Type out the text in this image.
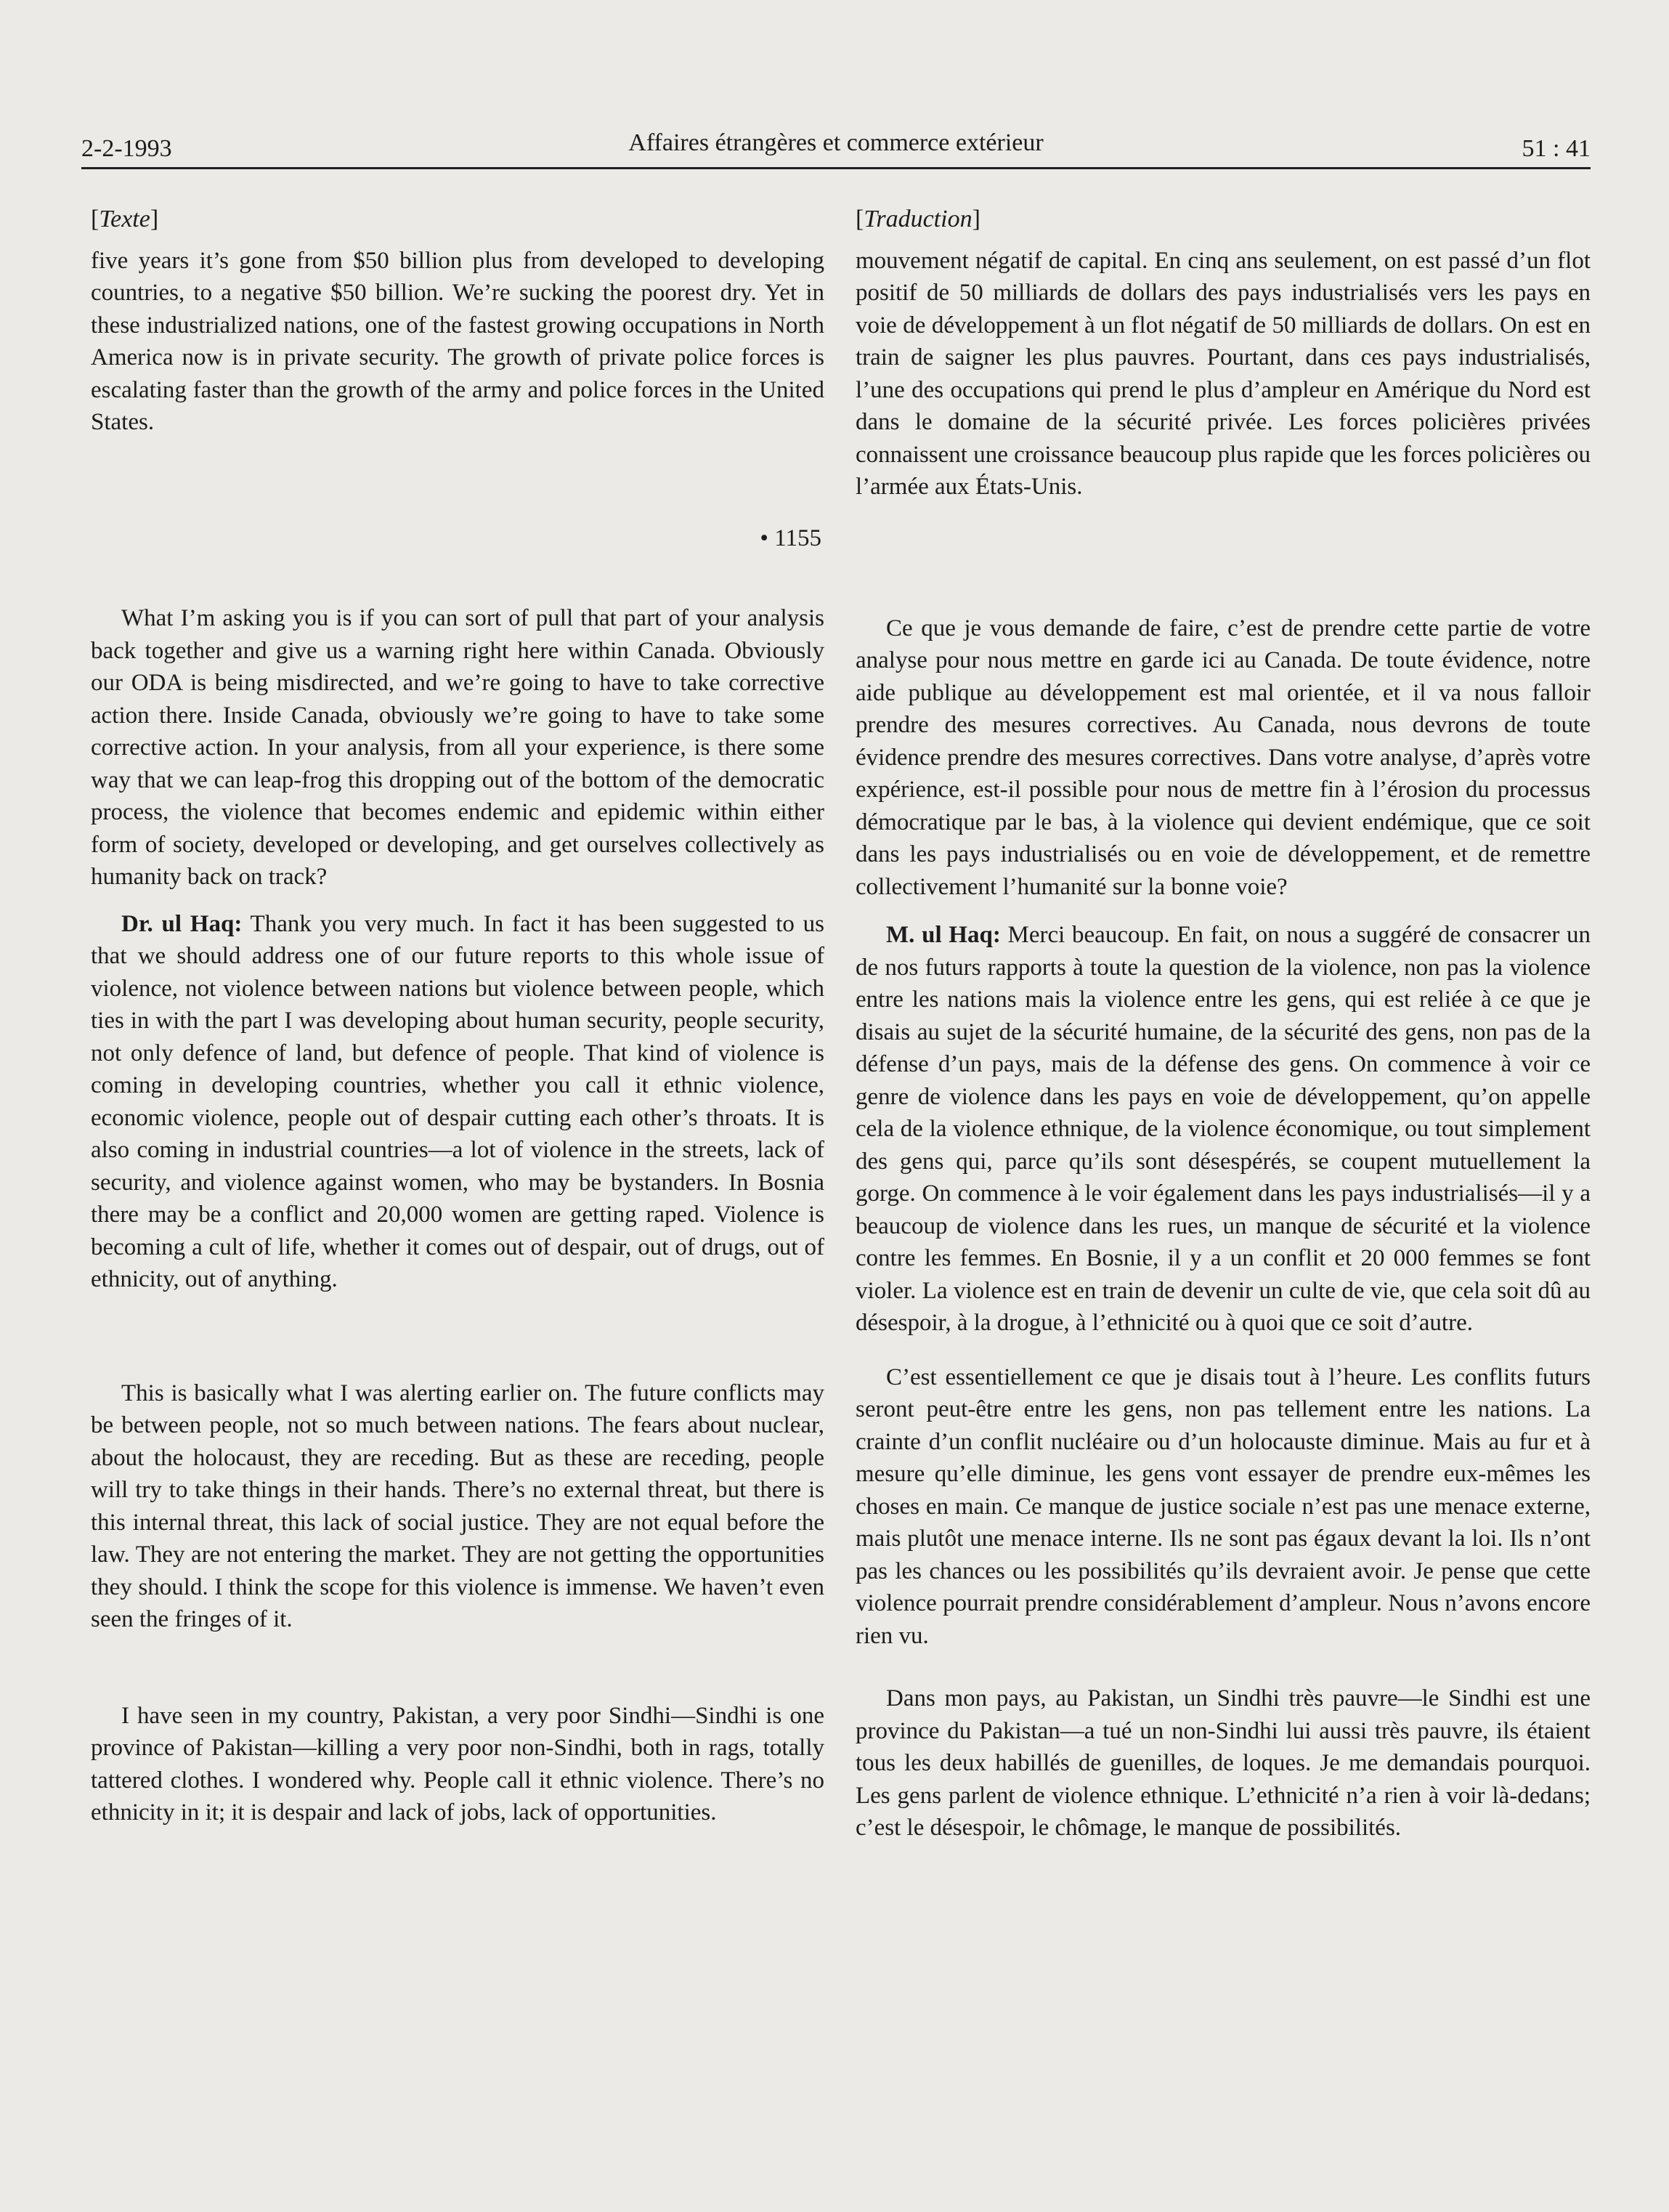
2-2-1993	Affaires étrangères et commerce extérieur	51 : 41
[Texte]

five years it’s gone from $50 billion plus from developed to developing countries, to a negative $50 billion. We’re sucking the poorest dry. Yet in these industrialized nations, one of the fastest growing occupations in North America now is in private security. The growth of private police forces is escalating faster than the growth of the army and police forces in the United States.

• 1155

What I’m asking you is if you can sort of pull that part of your analysis back together and give us a warning right here within Canada. Obviously our ODA is being misdirected, and we’re going to have to take corrective action there. Inside Canada, obviously we’re going to have to take some corrective action. In your analysis, from all your experience, is there some way that we can leap-frog this dropping out of the bottom of the democratic process, the violence that becomes endemic and epidemic within either form of society, developed or developing, and get ourselves collectively as humanity back on track?

Dr. ul Haq: Thank you very much. In fact it has been suggested to us that we should address one of our future reports to this whole issue of violence, not violence between nations but violence between people, which ties in with the part I was developing about human security, people security, not only defence of land, but defence of people. That kind of violence is coming in developing countries, whether you call it ethnic violence, economic violence, people out of despair cutting each other’s throats. It is also coming in industrial countries—a lot of violence in the streets, lack of security, and violence against women, who may be bystanders. In Bosnia there may be a conflict and 20,000 women are getting raped. Violence is becoming a cult of life, whether it comes out of despair, out of drugs, out of ethnicity, out of anything.

This is basically what I was alerting earlier on. The future conflicts may be between people, not so much between nations. The fears about nuclear, about the holocaust, they are receding. But as these are receding, people will try to take things in their hands. There’s no external threat, but there is this internal threat, this lack of social justice. They are not equal before the law. They are not entering the market. They are not getting the opportunities they should. I think the scope for this violence is immense. We haven’t even seen the fringes of it.

I have seen in my country, Pakistan, a very poor Sindhi—Sindhi is one province of Pakistan—killing a very poor non-Sindhi, both in rags, totally tattered clothes. I wondered why. People call it ethnic violence. There’s no ethnicity in it; it is despair and lack of jobs, lack of opportunities.

[Traduction]

mouvement négatif de capital. En cinq ans seulement, on est passé d’un flot positif de 50 milliards de dollars des pays industrialisés vers les pays en voie de développement à un flot négatif de 50 milliards de dollars. On est en train de saigner les plus pauvres. Pourtant, dans ces pays industrialisés, l’une des occupations qui prend le plus d’ampleur en Amérique du Nord est dans le domaine de la sécurité privée. Les forces policières privées connaissent une croissance beaucoup plus rapide que les forces policières ou l’armée aux États-Unis.

Ce que je vous demande de faire, c’est de prendre cette partie de votre analyse pour nous mettre en garde ici au Canada. De toute évidence, notre aide publique au développement est mal orientée, et il va nous falloir prendre des mesures correctives. Au Canada, nous devrons de toute évidence prendre des mesures correctives. Dans votre analyse, d’après votre expérience, est-il possible pour nous de mettre fin à l’érosion du processus démocratique par le bas, à la violence qui devient endémique, que ce soit dans les pays industrialisés ou en voie de développement, et de remettre collectivement l’humanité sur la bonne voie?

M. ul Haq: Merci beaucoup. En fait, on nous a suggéré de consacrer un de nos futurs rapports à toute la question de la violence, non pas la violence entre les nations mais la violence entre les gens, qui est reliée à ce que je disais au sujet de la sécurité humaine, de la sécurité des gens, non pas de la défense d’un pays, mais de la défense des gens. On commence à voir ce genre de violence dans les pays en voie de développement, qu’on appelle cela de la violence ethnique, de la violence économique, ou tout simplement des gens qui, parce qu’ils sont désespérés, se coupent mutuellement la gorge. On commence à le voir également dans les pays industrialisés—il y a beaucoup de violence dans les rues, un manque de sécurité et la violence contre les femmes. En Bosnie, il y a un conflit et 20 000 femmes se font violer. La violence est en train de devenir un culte de vie, que cela soit dû au désespoir, à la drogue, à l’ethnicité ou à quoi que ce soit d’autre.

C’est essentiellement ce que je disais tout à l’heure. Les conflits futurs seront peut-être entre les gens, non pas tellement entre les nations. La crainte d’un conflit nucléaire ou d’un holocauste diminue. Mais au fur et à mesure qu’elle diminue, les gens vont essayer de prendre eux-mêmes les choses en main. Ce manque de justice sociale n’est pas une menace externe, mais plutôt une menace interne. Ils ne sont pas égaux devant la loi. Ils n’ont pas les chances ou les possibilités qu’ils devraient avoir. Je pense que cette violence pourrait prendre considérablement d’ampleur. Nous n’avons encore rien vu.

Dans mon pays, au Pakistan, un Sindhi très pauvre—le Sindhi est une province du Pakistan—a tué un non-Sindhi lui aussi très pauvre, ils étaient tous les deux habillés de guenilles, de loques. Je me demandais pourquoi. Les gens parlent de violence ethnique. L’ethnicité n’a rien à voir là-dedans; c’est le désespoir, le chômage, le manque de possibilités.
